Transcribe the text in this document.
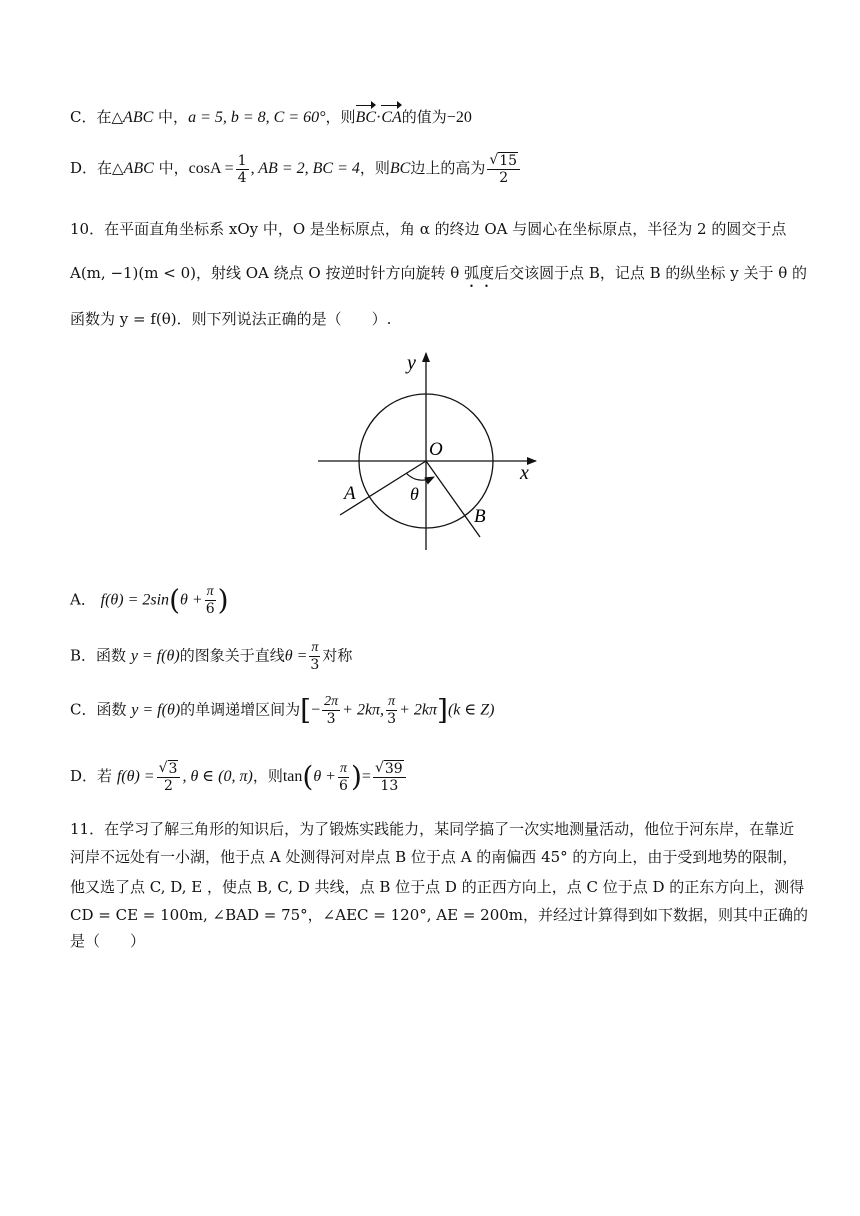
C．在△ABC 中，a = 5, b = 8, C = 60°，则BC·CA的值为−20
D．在△ABC 中，$\cos A = \frac{1}{4}$ , AB = 2, BC = 4，则BC边上的高为 $\frac{√ 15}{2}$
10．在平面直角坐标系 xOy 中，O 是坐标原点，角 α 的终边 OA 与圆心在坐标原点，半径为 2 的圆交于点
A(m, −1)(m < 0)，射线 OA 绕点 O 按逆时针方向旋转 θ 弧度后交该圆于点 B，记点 B 的纵坐标 y 关于 θ 的
函数为 y = f(θ)．则下列说法正确的是（　　）.
y
x
O
A
B
θ
A． $f(\theta) = 2\sin(\theta + \frac{\pi}{6}$ )
B．函数 y = f(θ)的图象关于直线$\theta = \frac{\pi}{3}$ 对称
C．函数 y = f(θ)的单调递增区间为[− $\frac{2\pi}{3} + 2k\pi$, $\frac{\pi}{3} + 2k\pi](k$ ∈ Z)
D．若 $f(\theta) = \frac{√ 3}{2}$ , θ ∈ (0, π)，则$\tan(\theta + \frac{\pi}{6}$ )= $\frac{√ 39}{13}$
11．在学习了解三角形的知识后，为了锻炼实践能力，某同学搞了一次实地测量活动，他位于河东岸，在靠近
河岸不远处有一小湖，他于点 A 处测得河对岸点 B 位于点 A 的南偏西 45° 的方向上，由于受到地势的限制，
他又选了点 C, D, E ，使点 B, C, D 共线，点 B 位于点 D 的正西方向上，点 C 位于点 D 的正东方向上，测得
CD = CE = 100m, ∠BAD = 75°，∠AEC = 120°, AE = 200m，并经过计算得到如下数据，则其中正确的
是（　　）
